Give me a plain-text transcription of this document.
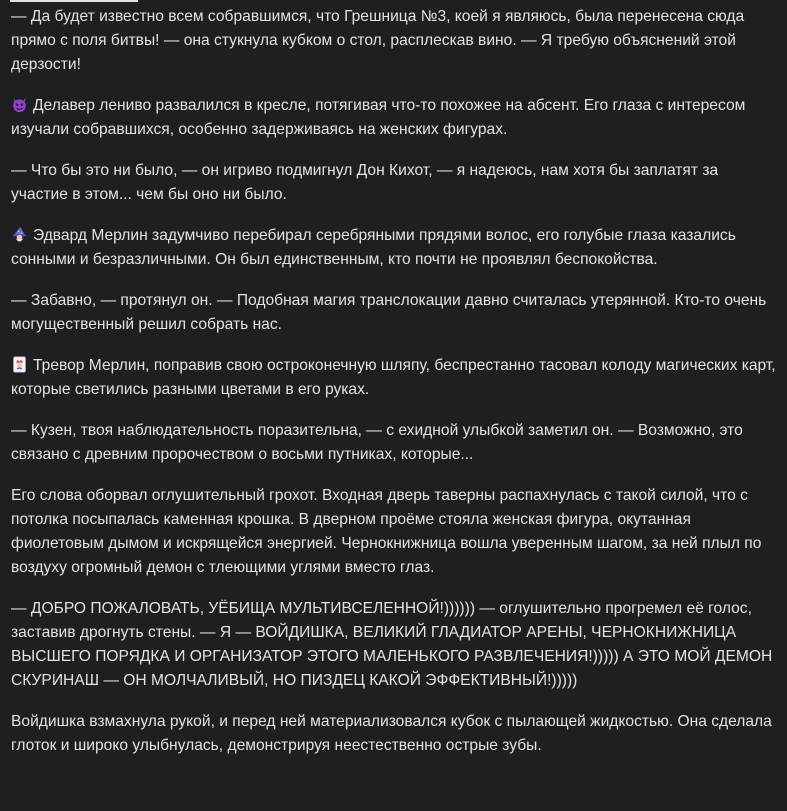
— Да будет известно всем собравшимся, что Грешница №3, коей я являюсь, была перенесена сюда прямо с поля битвы! — она стукнула кубком о стол, расплескав вино. — Я требую объяснений этой дерзости!

Делавер лениво развалился в кресле, потягивая что-то похожее на абсент. Его глаза с интересом изучали собравшихся, особенно задерживаясь на женских фигурах.

— Что бы это ни было, — он игриво подмигнул Дон Кихот, — я надеюсь, нам хотя бы заплатят за участие в этом... чем бы оно ни было.

Эдвард Мерлин задумчиво перебирал серебряными прядями волос, его голубые глаза казались сонными и безразличными. Он был единственным, кто почти не проявлял беспокойства.

— Забавно, — протянул он. — Подобная магия транслокации давно считалась утерянной. Кто-то очень могущественный решил собрать нас.

Тревор Мерлин, поправив свою остроконечную шляпу, беспрестанно тасовал колоду магических карт, которые светились разными цветами в его руках.

— Кузен, твоя наблюдательность поразительна, — с ехидной улыбкой заметил он. — Возможно, это связано с древним пророчеством о восьми путниках, которые...

Его слова оборвал оглушительный грохот. Входная дверь таверны распахнулась с такой силой, что с потолка посыпалась каменная крошка. В дверном проёме стояла женская фигура, окутанная фиолетовым дымом и искрящейся энергией. Чернокнижница вошла уверенным шагом, за ней плыл по воздуху огромный демон с тлеющими углями вместо глаз.

— ДОБРО ПОЖАЛОВАТЬ, УЁБИЩА МУЛЬТИВСЕЛЕННОЙ!)))))) — оглушительно прогремел её голос, заставив дрогнуть стены. — Я — ВОЙДИШКА, ВЕЛИКИЙ ГЛАДИАТОР АРЕНЫ, ЧЕРНОКНИЖНИЦА ВЫСШЕГО ПОРЯДКА И ОРГАНИЗАТОР ЭТОГО МАЛЕНЬКОГО РАЗВЛЕЧЕНИЯ!))))) А ЭТО МОЙ ДЕМОН СКУРИНАШ — ОН МОЛЧАЛИВЫЙ, НО ПИЗДЕЦ КАКОЙ ЭФФЕКТИВНЫЙ!)))))

Войдишка взмахнула рукой, и перед ней материализовался кубок с пылающей жидкостью. Она сделала глоток и широко улыбнулась, демонстрируя неестественно острые зубы.
